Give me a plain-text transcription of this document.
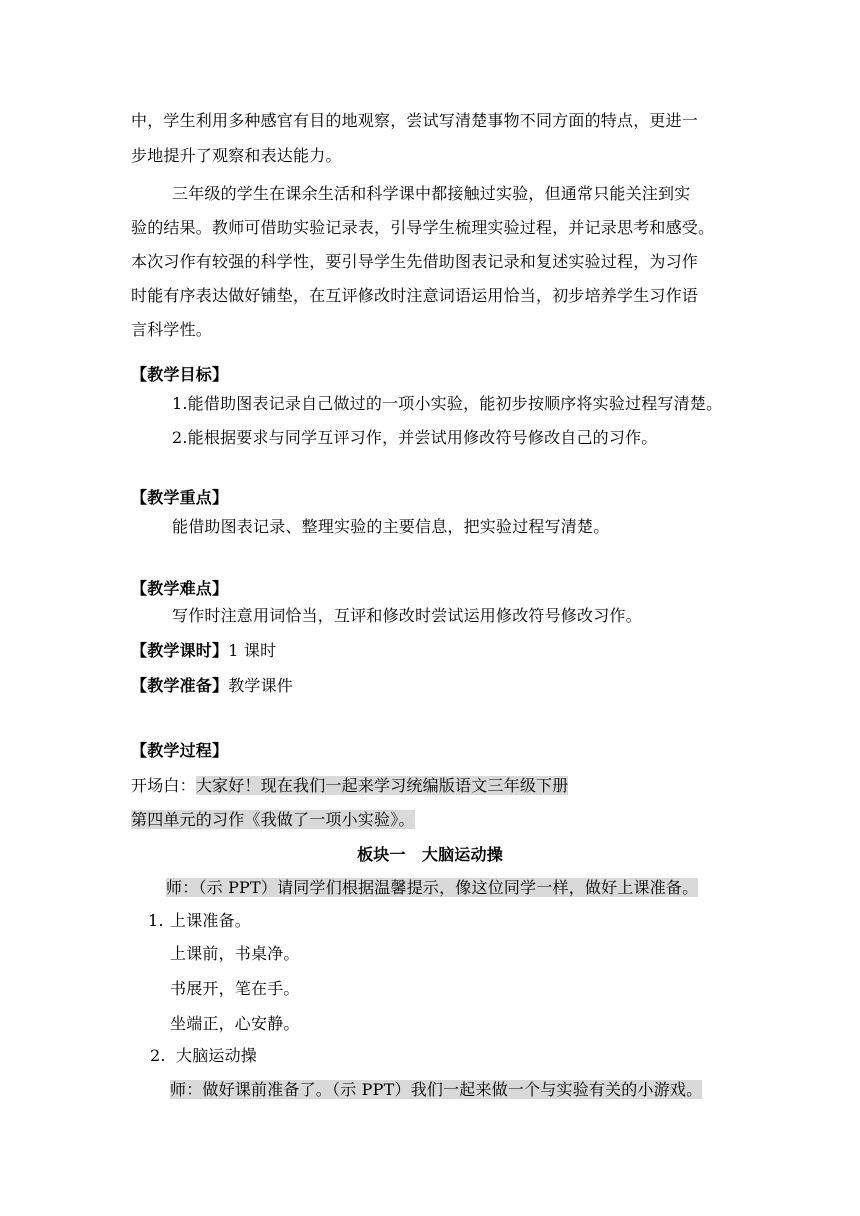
中，学生利用多种感官有目的地观察，尝试写清楚事物不同方面的特点，更进一
步地提升了观察和表达能力。
三年级的学生在课余生活和科学课中都接触过实验，但通常只能关注到实
验的结果。教师可借助实验记录表，引导学生梳理实验过程，并记录思考和感受。
本次习作有较强的科学性，要引导学生先借助图表记录和复述实验过程，为习作
时能有序表达做好铺垫，在互评修改时注意词语运用恰当，初步培养学生习作语
言科学性。
【教学目标】
1.能借助图表记录自己做过的一项小实验，能初步按顺序将实验过程写清楚。
2.能根据要求与同学互评习作，并尝试用修改符号修改自己的习作。
【教学重点】
能借助图表记录、整理实验的主要信息，把实验过程写清楚。
【教学难点】
写作时注意用词恰当，互评和修改时尝试运用修改符号修改习作。
【教学课时】1 课时
【教学准备】教学课件
【教学过程】
开场白：大家好！现在我们一起来学习统编版语文三年级下册
第四单元的习作《我做了一项小实验》。
板块一　大脑运动操
师：（示 PPT）请同学们根据温馨提示，像这位同学一样，做好上课准备。
1. 上课准备。
上课前，书桌净。
书展开，笔在手。
坐端正，心安静。
2. 大脑运动操
师：做好课前准备了。（示 PPT）我们一起来做一个与实验有关的小游戏。
